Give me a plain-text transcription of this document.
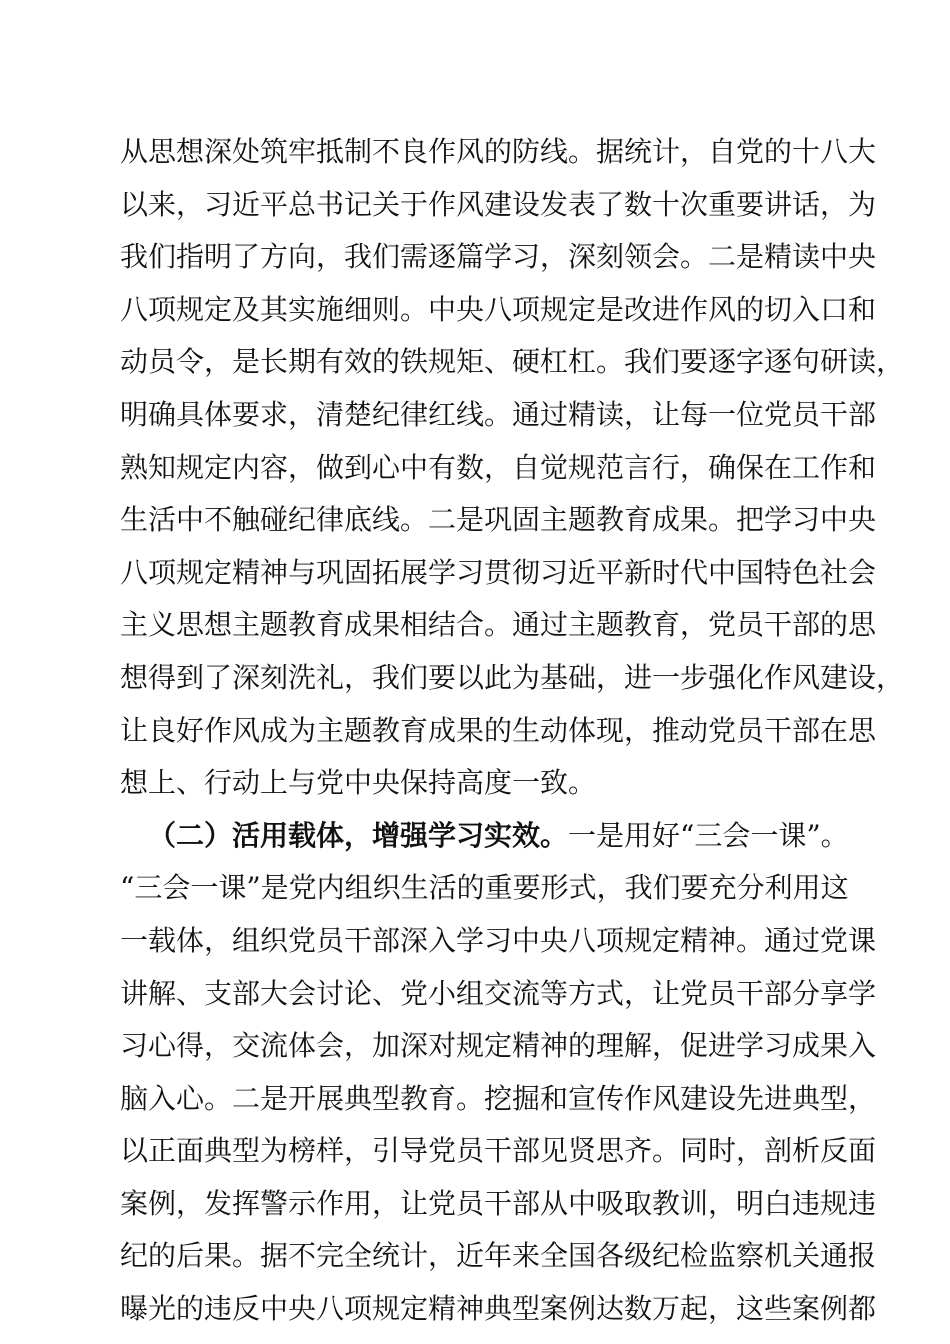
从思想深处筑牢抵制不良作风的防线。据统计，自党的十八大
以来，习近平总书记关于作风建设发表了数十次重要讲话，为
我们指明了方向，我们需逐篇学习，深刻领会。二是精读中央
八项规定及其实施细则。中央八项规定是改进作风的切入口和
动员令，是长期有效的铁规矩、硬杠杠。我们要逐字逐句研读，
明确具体要求，清楚纪律红线。通过精读，让每一位党员干部
熟知规定内容，做到心中有数，自觉规范言行，确保在工作和
生活中不触碰纪律底线。二是巩固主题教育成果。把学习中央
八项规定精神与巩固拓展学习贯彻习近平新时代中国特色社会
主义思想主题教育成果相结合。通过主题教育，党员干部的思
想得到了深刻洗礼，我们要以此为基础，进一步强化作风建设，
让良好作风成为主题教育成果的生动体现，推动党员干部在思
想上、行动上与党中央保持高度一致。
（二）活用载体，增强学习实效。一是用好“三会一课”。
“三会一课”是党内组织生活的重要形式，我们要充分利用这
一载体，组织党员干部深入学习中央八项规定精神。通过党课
讲解、支部大会讨论、党小组交流等方式，让党员干部分享学
习心得，交流体会，加深对规定精神的理解，促进学习成果入
脑入心。二是开展典型教育。挖掘和宣传作风建设先进典型，
以正面典型为榜样，引导党员干部见贤思齐。同时，剖析反面
案例，发挥警示作用，让党员干部从中吸取教训，明白违规违
纪的后果。据不完全统计，近年来全国各级纪检监察机关通报
曝光的违反中央八项规定精神典型案例达数万起，这些案例都
